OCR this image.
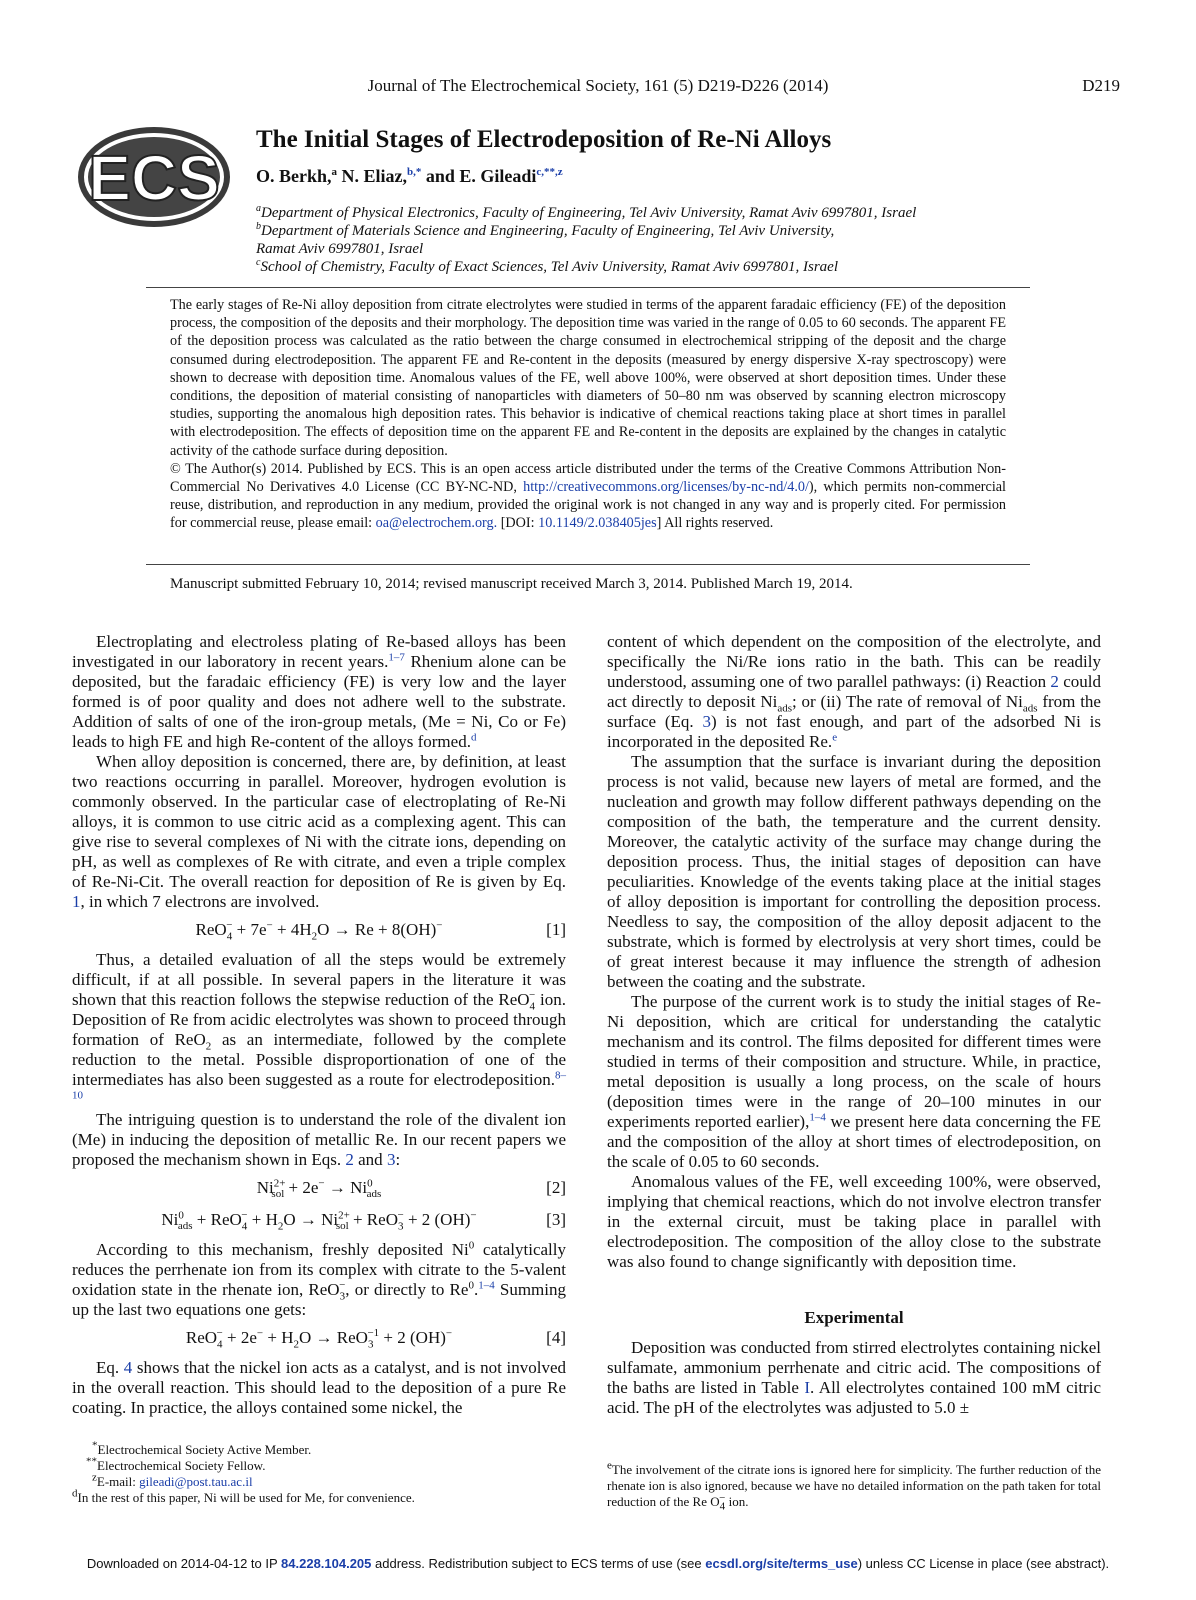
Journal of The Electrochemical Society, 161 (5) D219-D226 (2014)	D219
ECS
The Initial Stages of Electrodeposition of Re-Ni Alloys
O. Berkh,$^a$ N. Eliaz,$^{b,*}$ and E. Gileadi$^{c,**,z}$
$^a$Department of Physical Electronics, Faculty of Engineering, Tel Aviv University, Ramat Aviv 6997801, Israel
$^b$Department of Materials Science and Engineering, Faculty of Engineering, Tel Aviv University,
Ramat Aviv 6997801, Israel
$^c$School of Chemistry, Faculty of Exact Sciences, Tel Aviv University, Ramat Aviv 6997801, Israel

The early stages of Re-Ni alloy deposition from citrate electrolytes were studied in terms of the apparent faradaic efficiency (FE) of the deposition process, the composition of the deposits and their morphology. The deposition time was varied in the range of 0.05 to 60 seconds. The apparent FE of the deposition process was calculated as the ratio between the charge consumed in electrochemical stripping of the deposit and the charge consumed during electrodeposition. The apparent FE and Re-content in the deposits (measured by energy dispersive X-ray spectroscopy) were shown to decrease with deposition time. Anomalous values of the FE, well above 100%, were observed at short deposition times. Under these conditions, the deposition of material consisting of nanoparticles with diameters of 50–80 nm was observed by scanning electron microscopy studies, supporting the anomalous high deposition rates. This behavior is indicative of chemical reactions taking place at short times in parallel with electrodeposition. The effects of deposition time on the apparent FE and Re-content in the deposits are explained by the changes in catalytic activity of the cathode surface during deposition.

© The Author(s) 2014. Published by ECS. This is an open access article distributed under the terms of the Creative Commons Attribution Non-Commercial No Derivatives 4.0 License (CC BY-NC-ND, http://creativecommons.org/licenses/by-nc-nd/4.0/), which permits non-commercial reuse, distribution, and reproduction in any medium, provided the original work is not changed in any way and is properly cited. For permission for commercial reuse, please email: oa@electrochem.org. [DOI: 10.1149/2.038405jes] All rights reserved.

Manuscript submitted February 10, 2014; revised manuscript received March 3, 2014. Published March 19, 2014.

Electroplating and electroless plating of Re-based alloys has been investigated in our laboratory in recent years.$^{1-7}$ Rhenium alone can be deposited, but the faradaic efficiency (FE) is very low and the layer formed is of poor quality and does not adhere well to the substrate. Addition of salts of one of the iron-group metals, (Me = Ni, Co or Fe) leads to high FE and high Re-content of the alloys formed.$^d$

When alloy deposition is concerned, there are, by definition, at least two reactions occurring in parallel. Moreover, hydrogen evolution is commonly observed. In the particular case of electroplating of Re-Ni alloys, it is common to use citric acid as a complexing agent. This can give rise to several complexes of Ni with the citrate ions, depending on pH, as well as complexes of Re with citrate, and even a triple complex of Re-Ni-Cit. The overall reaction for deposition of Re is given by Eq. 1, in which 7 electrons are involved.

$ReO_4^- + 7e^- + 4H_2O \to Re + 8(OH)^-$	[1]

Thus, a detailed evaluation of all the steps would be extremely difficult, if at all possible. In several papers in the literature it was shown that this reaction follows the stepwise reduction of the ReO$_4$− ion. Deposition of Re from acidic electrolytes was shown to proceed through formation of ReO$_2$ as an intermediate, followed by the complete reduction to the metal. Possible disproportionation of one of the intermediates has also been suggested as a route for electrodeposition.$^{8-10}$

The intriguing question is to understand the role of the divalent ion (Me) in inducing the deposition of metallic Re. In our recent papers we proposed the mechanism shown in Eqs. 2 and 3:

$Ni^{2+}_{sol} + 2e^- \to Ni^0_{ads}$	[2]
$Ni^0_{ads} + ReO_4^- + H_2O \to Ni^{2+}_{sol} + ReO_3^- + 2$ (OH)−	[3]

According to this mechanism, freshly deposited Ni$^0$ catalytically reduces the perrhenate ion from its complex with citrate to the 5-valent oxidation state in the rhenate ion, ReO$_3$−, or directly to Re$^0$.$^{1-4}$ Summing up the last two equations one gets:

$ReO_4^- + 2e^- + H_2O \to ReO_3^{-1} + 2$ (OH)−	[4]

Eq. 4 shows that the nickel ion acts as a catalyst, and is not involved in the overall reaction. This should lead to the deposition of a pure Re coating. In practice, the alloys contained some nickel, the

content of which dependent on the composition of the electrolyte, and specifically the Ni/Re ions ratio in the bath. This can be readily understood, assuming one of two parallel pathways: (i) Reaction 2 could act directly to deposit $Ni_{ads}$; or (ii) The rate of removal of $Ni_{ads}$ from the surface (Eq. 3) is not fast enough, and part of the adsorbed Ni is incorporated in the deposited Re.$^e$

The assumption that the surface is invariant during the deposition process is not valid, because new layers of metal are formed, and the nucleation and growth may follow different pathways depending on the composition of the bath, the temperature and the current density. Moreover, the catalytic activity of the surface may change during the deposition process. Thus, the initial stages of deposition can have peculiarities. Knowledge of the events taking place at the initial stages of alloy deposition is important for controlling the deposition process. Needless to say, the composition of the alloy deposit adjacent to the substrate, which is formed by electrolysis at very short times, could be of great interest because it may influence the strength of adhesion between the coating and the substrate.

The purpose of the current work is to study the initial stages of Re-Ni deposition, which are critical for understanding the catalytic mechanism and its control. The films deposited for different times were studied in terms of their composition and structure. While, in practice, metal deposition is usually a long process, on the scale of hours (deposition times were in the range of 20–100 minutes in our experiments reported earlier),$^{1-4}$ we present here data concerning the FE and the composition of the alloy at short times of electrodeposition, on the scale of 0.05 to 60 seconds.

Anomalous values of the FE, well exceeding 100%, were observed, implying that chemical reactions, which do not involve electron transfer in the external circuit, must be taking place in parallel with electrodeposition. The composition of the alloy close to the substrate was also found to change significantly with deposition time.

Experimental

Deposition was conducted from stirred electrolytes containing nickel sulfamate, ammonium perrhenate and citric acid. The compositions of the baths are listed in Table I. All electrolytes contained 100 mM citric acid. The pH of the electrolytes was adjusted to 5.0 ±

*Electrochemical Society Active Member.

**Electrochemical Society Fellow.

$^z$E-mail: gileadi@post.tau.ac.il

$^d$In the rest of this paper, Ni will be used for Me, for convenience.

$^e$The involvement of the citrate ions is ignored here for simplicity. The further reduction of the rhenate ion is also ignored, because we have no detailed information on the path taken for total reduction of the Re $O_4^-$ ion.

Downloaded on 2014-04-12 to IP 84.228.104.205 address. Redistribution subject to ECS terms of use (see ecsdl.org/site/terms_use) unless CC License in place (see abstract).
